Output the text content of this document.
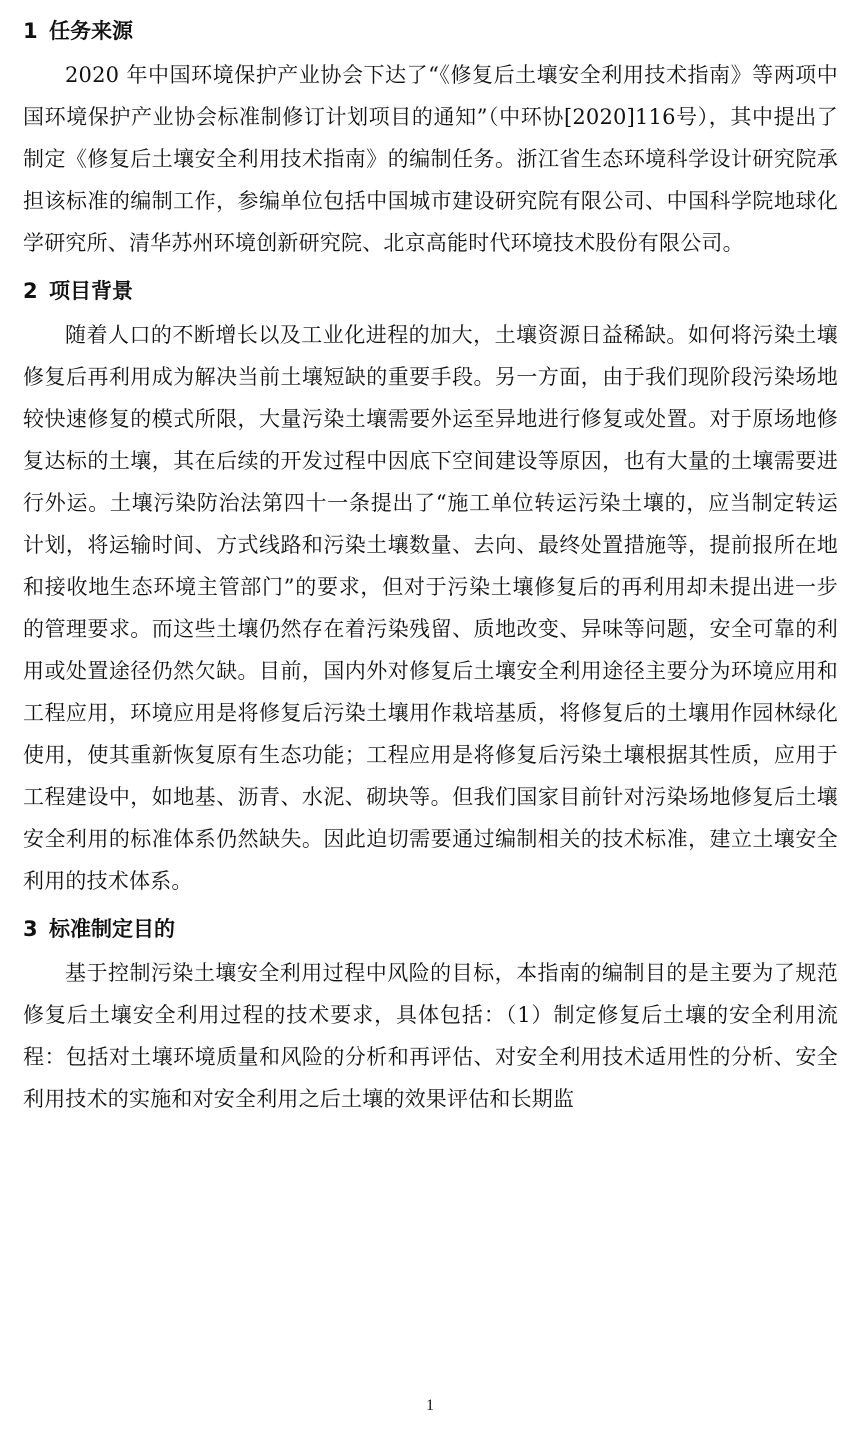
1 任务来源

2020 年中国环境保护产业协会下达了“《修复后土壤安全利用技术指南》等两项中国环境保护产业协会标准制修订计划项目的通知”（中环协[2020]116号），其中提出了制定《修复后土壤安全利用技术指南》的编制任务。浙江省生态环境科学设计研究院承担该标准的编制工作，参编单位包括中国城市建设研究院有限公司、中国科学院地球化学研究所、清华苏州环境创新研究院、北京高能时代环境技术股份有限公司。

2 项目背景

随着人口的不断增长以及工业化进程的加大，土壤资源日益稀缺。如何将污染土壤修复后再利用成为解决当前土壤短缺的重要手段。另一方面，由于我们现阶段污染场地较快速修复的模式所限，大量污染土壤需要外运至异地进行修复或处置。对于原场地修复达标的土壤，其在后续的开发过程中因底下空间建设等原因，也有大量的土壤需要进行外运。土壤污染防治法第四十一条提出了“施工单位转运污染土壤的，应当制定转运计划，将运输时间、方式线路和污染土壤数量、去向、最终处置措施等，提前报所在地和接收地生态环境主管部门”的要求，但对于污染土壤修复后的再利用却未提出进一步的管理要求。而这些土壤仍然存在着污染残留、质地改变、异味等问题，安全可靠的利用或处置途径仍然欠缺。目前，国内外对修复后土壤安全利用途径主要分为环境应用和工程应用，环境应用是将修复后污染土壤用作栽培基质，将修复后的土壤用作园林绿化使用，使其重新恢复原有生态功能；工程应用是将修复后污染土壤根据其性质，应用于工程建设中，如地基、沥青、水泥、砌块等。但我们国家目前针对污染场地修复后土壤安全利用的标准体系仍然缺失。因此迫切需要通过编制相关的技术标准，建立土壤安全利用的技术体系。

3 标准制定目的

基于控制污染土壤安全利用过程中风险的目标，本指南的编制目的是主要为了规范修复后土壤安全利用过程的技术要求，具体包括：（1）制定修复后土壤的安全利用流程：包括对土壤环境质量和风险的分析和再评估、对安全利用技术适用性的分析、安全利用技术的实施和对安全利用之后土壤的效果评估和长期监

1
